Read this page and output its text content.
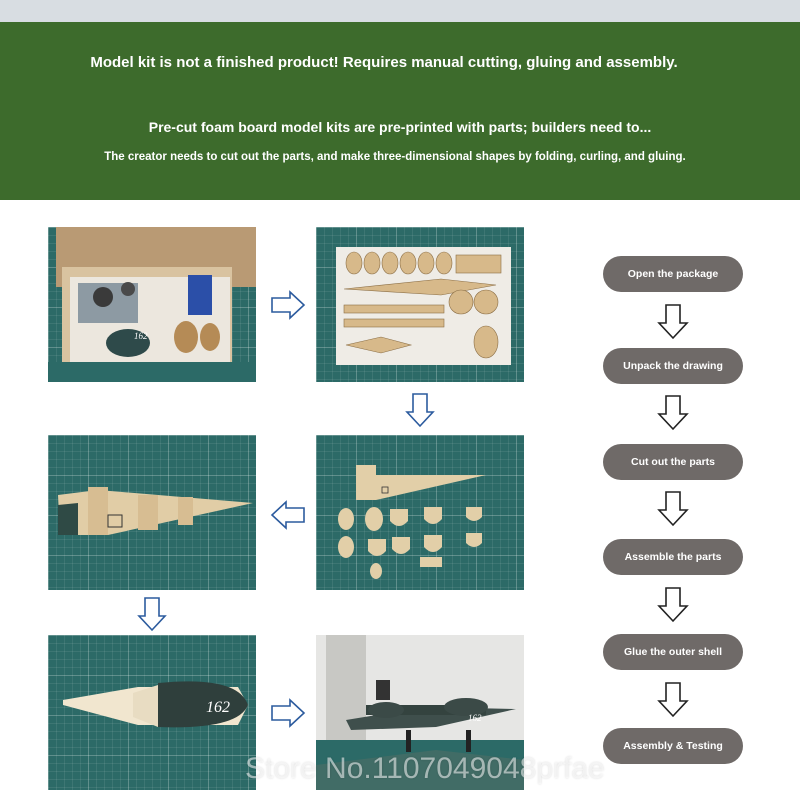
Model kit is not a finished product! Requires manual cutting, gluing and assembly.
Pre-cut foam board model kits are pre-printed with parts; builders need to...
The creator needs to cut out the parts, and make three-dimensional shapes by folding, curling, and gluing.
162
162
162
Open the package
Unpack the drawing
Cut out the parts
Assemble the parts
Glue the outer shell
Assembly & Testing
Store No.1107049048prfae
